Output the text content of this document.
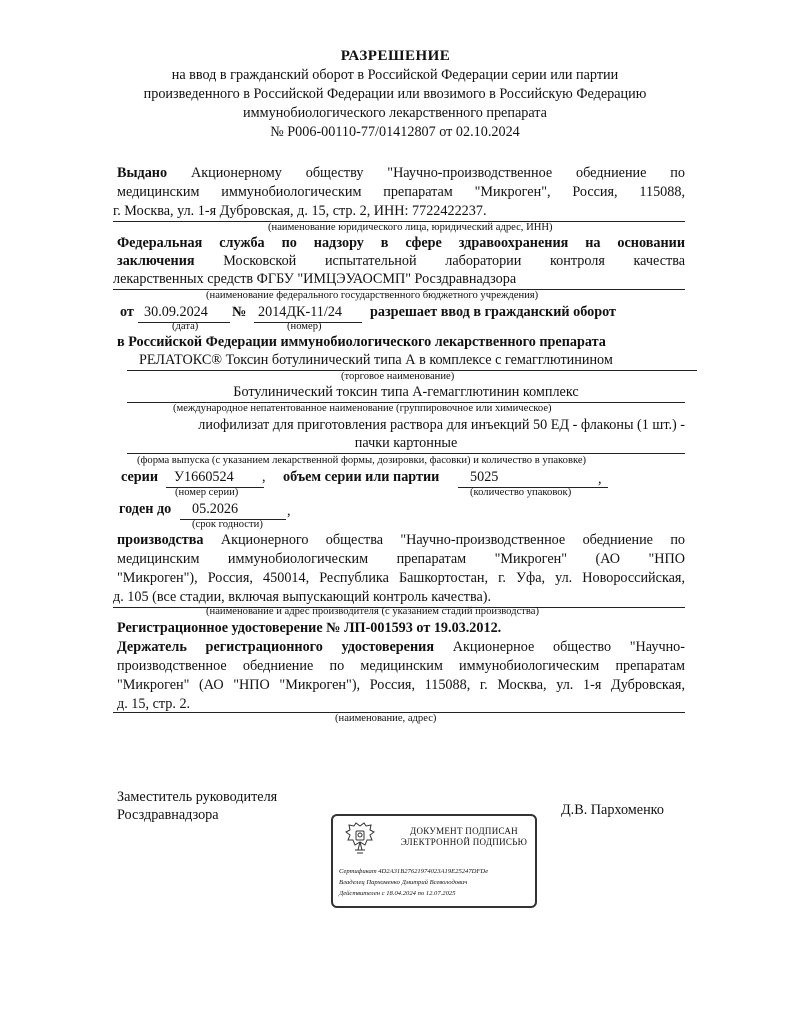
РАЗРЕШЕНИЕ
на ввод в гражданский оборот в Российской Федерации серии или партии
произведенного в Российской Федерации или ввозимого в Российскую Федерацию
иммунобиологического лекарственного препарата
№ Р006-00110-77/01412807 от 02.10.2024
Выдано Акционерному обществу "Научно-производственное обедниение по
медицинским иммунобиологическим препаратам "Микроген", Россия, 115088,
г. Москва, ул. 1-я Дубровская, д. 15, стр. 2, ИНН: 7722422237.
(наименование юридического лица, юридический адрес, ИНН)
Федеральная служба по надзору в сфере здравоохранения на основании
заключения Московской испытательной лаборатории контроля качества
лекарственных средств ФГБУ "ИМЦЭУАОСМП" Росздравнадзора
(наименование федерального государственного бюджетного учреждения)
от 30.09.2024	№ 2014ДК-11/24	разрешает ввод в гражданский оборот
(дата)	(номер)
в Российской Федерации иммунобиологического лекарственного препарата
РЕЛАТОКС® Токсин ботулинический типа А в комплексе с гемагглютинином
(торговое наименование)
Ботулинический токсин типа А-гемагглютинин комплекс
(международное непатентованное наименование (группировочное или химическое)
лиофилизат для приготовления раствора для инъекций 50 ЕД - флаконы (1 шт.) -
пачки картонные
(форма выпуска (с указанием лекарственной формы, дозировки, фасовки) и количество в упаковке)
серии	У1660524	, объем серии или партии	5025	,
(номер серии)	(количество упаковок)
годен до	05.2026	,
(срок годности)
производства Акционерного общества "Научно-производственное обедниение по
медицинским иммунобиологическим препаратам "Микроген" (АО "НПО
"Микроген"), Россия, 450014, Республика Башкортостан, г. Уфа, ул. Новороссийская,
д. 105 (все стадии, включая выпускающий контроль качества).
(наименование и адрес производителя (с указанием стадий производства)
Регистрационное удостоверение № ЛП-001593 от 19.03.2012.
Держатель регистрационного удостоверения Акционерное общество "Научно-
производственное обедниение по медицинским иммунобиологическим препаратам
"Микроген" (АО "НПО "Микроген"), Россия, 115088, г. Москва, ул. 1-я Дубровская,
д. 15, стр. 2.
(наименование, адрес)
Заместитель руководителя
Росздравнадзора	Д.В. Пархоменко
ДОКУМЕНТ ПОДПИСАН
ЭЛЕКТРОННОЙ ПОДПИСЬЮ
Сертификат 4D2A31B27621974023A19E25247DFDe
Владелец Пархоменко Дмитрий Всеволодович
Действителен с 18.04.2024 по 12.07.2025
